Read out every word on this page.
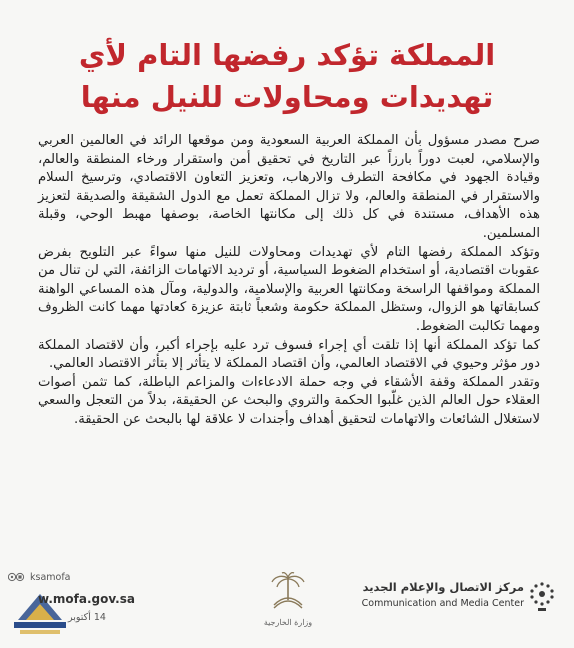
المملكة تؤكد رفضها التام لأي
تهديدات ومحاولات للنيل منها

صرح مصدر مسؤول بأن المملكة العربية السعودية ومن موقعها الرائد في العالمين العربي والإسلامي، لعبت دوراً بارزاً عبر التاريخ في تحقيق أمن واستقرار ورخاء المنطقة والعالم، وقيادة الجهود في مكافحة التطرف والارهاب، وتعزيز التعاون الاقتصادي، وترسيخ السلام والاستقرار في المنطقة والعالم، ولا تزال المملكة تعمل مع الدول الشقيقة والصديقة لتعزيز هذه الأهداف، مستندة في كل ذلك إلى مكانتها الخاصة، بوصفها مهبط الوحي، وقبلة المسلمين.

وتؤكد المملكة رفضها التام لأي تهديدات ومحاولات للنيل منها سواءً عبر التلويح بفرض عقوبات اقتصادية، أو استخدام الضغوط السياسية، أو ترديد الاتهامات الزائفة، التي لن تنال من المملكة ومواقفها الراسخة ومكانتها العربية والإسلامية، والدولية، ومآل هذه المساعي الواهنة كسابقاتها هو الزوال، وستظل المملكة حكومة وشعباً ثابتة عزيزة كعادتها مهما كانت الظروف ومهما تكالبت الضغوط.

كما تؤكد المملكة أنها إذا تلقت أي إجراء فسوف ترد عليه بإجراء أكبر، وأن لاقتصاد المملكة دور مؤثر وحيوي في الاقتصاد العالمي، وأن اقتصاد المملكة لا يتأثر إلا بتأثر الاقتصاد العالمي.

وتقدر المملكة وقفة الأشقاء في وجه حملة الادعاءات والمزاعم الباطلة، كما تثمن أصوات العقلاء حول العالم الذين غلّبوا الحكمة والتروي والبحث عن الحقيقة، بدلاً من التعجل والسعي لاستغلال الشائعات والاتهامات لتحقيق أهداف وأجندات لا علاقة لها بالبحث عن الحقيقة.

ksamofa
w.mofa.gov.sa
14 أكتوبر	وزارة الخارجية
مركز الاتصال والإعلام الجديد
Communication and Media Center
